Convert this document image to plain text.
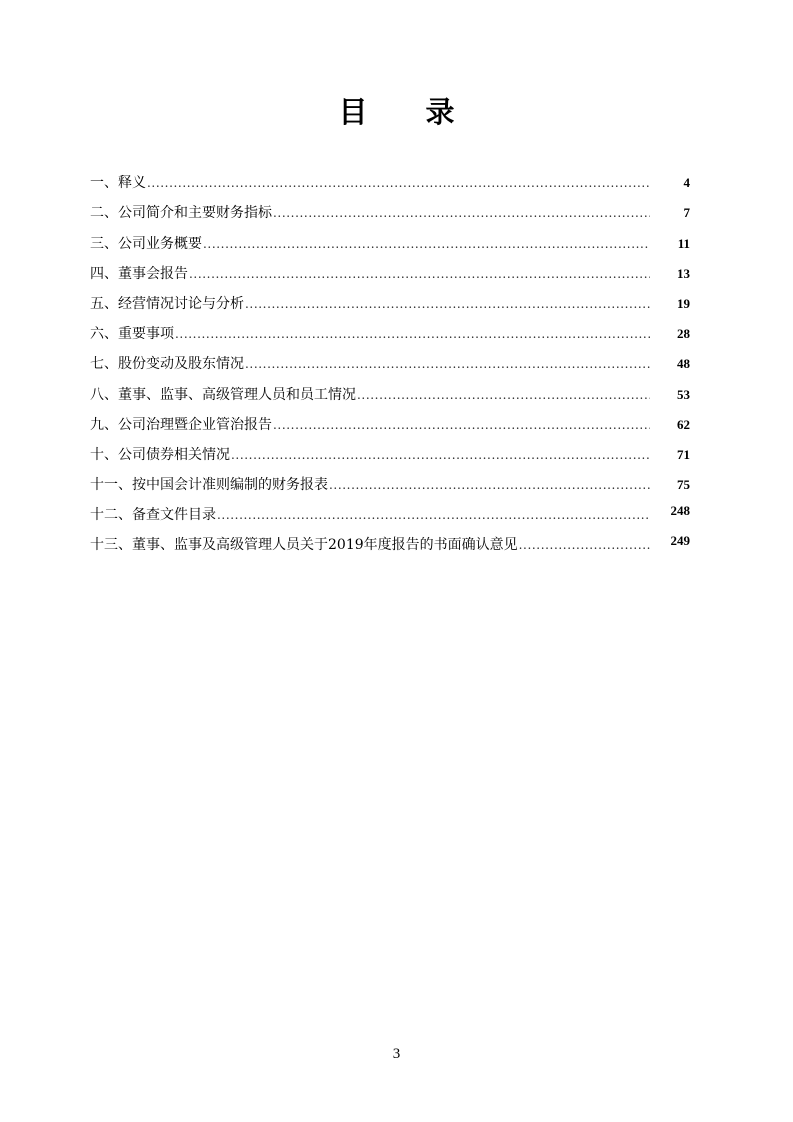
目 录
一、释义 .....	4
二、公司简介和主要财务指标 .....	7
三、公司业务概要 .....	11
四、董事会报告 .....	13
五、经营情况讨论与分析 .....	19
六、重要事项 .....	28
七、股份变动及股东情况 .....	48
八、董事、监事、高级管理人员和员工情况 .....	53
九、公司治理暨企业管治报告 .....	62
十、公司债券相关情况 .....	71
十一、按中国会计准则编制的财务报表 .....	75
十二、备查文件目录 .....	248
十三、董事、监事及高级管理人员关于2019年度报告的书面确认意见 .....	249
3
